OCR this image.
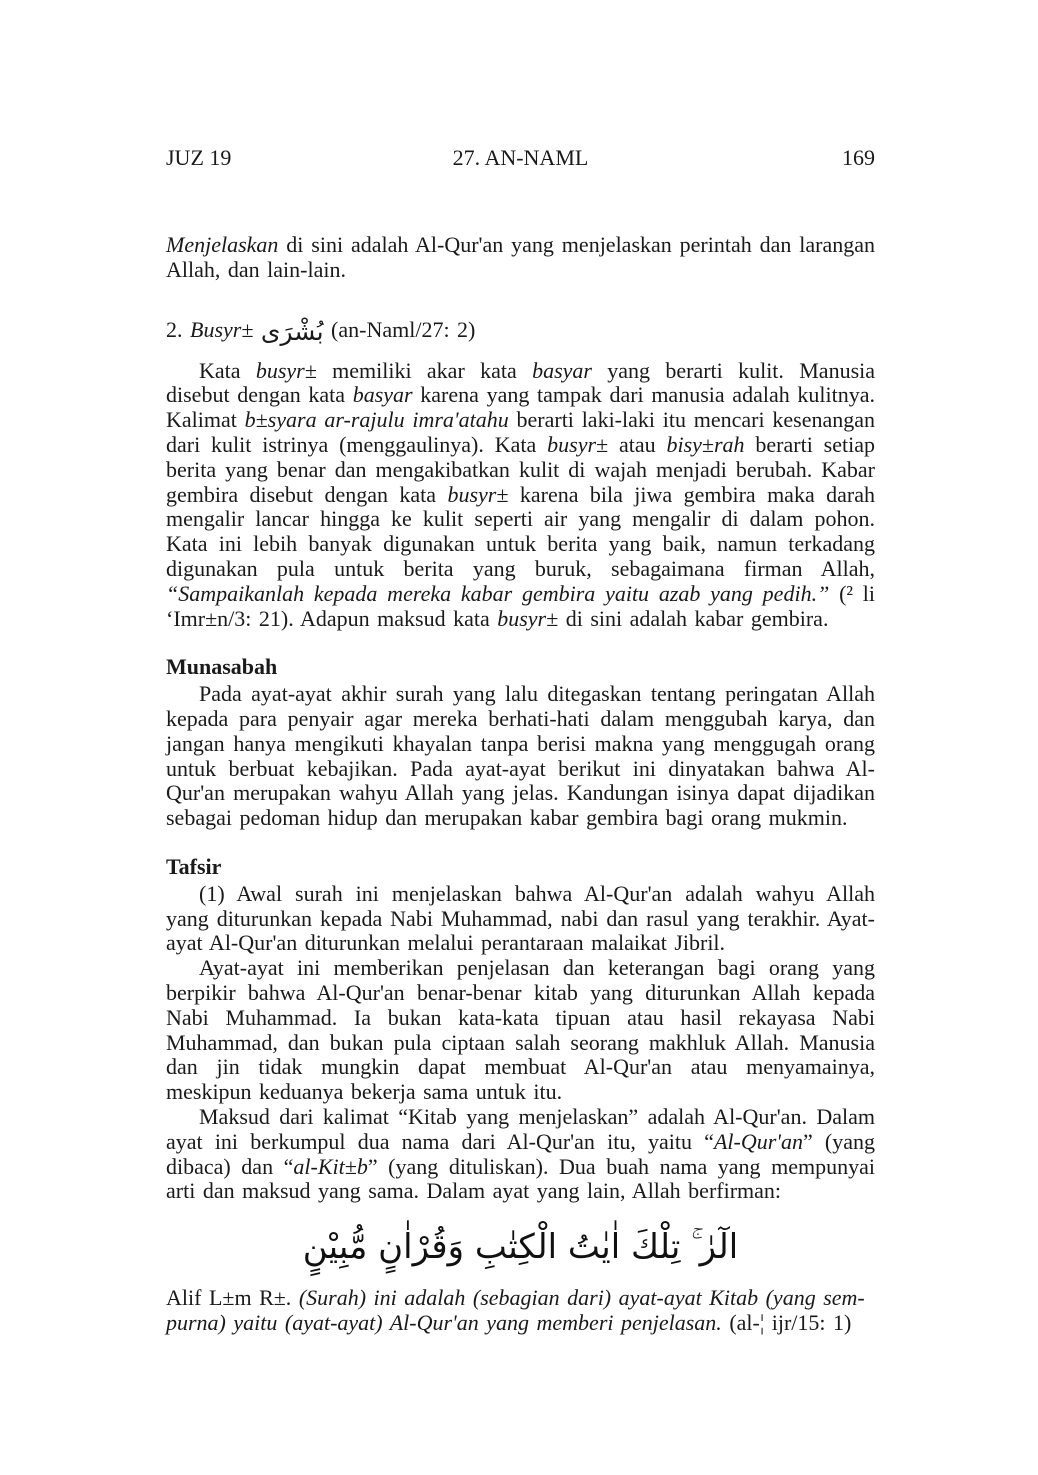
JUZ 19	27. AN-NAML	169

Menjelaskan di sini adalah Al-Qur'an yang menjelaskan perintah dan larangan Allah, dan lain-lain.

2. Busyr± بُشْرَى (an-Naml/27: 2)

Kata busyr± memiliki akar kata basyar yang berarti kulit. Manusia disebut dengan kata basyar karena yang tampak dari manusia adalah kulitnya. Kalimat b±syara ar-rajulu imra'atahu berarti laki-laki itu mencari kesenangan dari kulit istrinya (menggaulinya). Kata busyr± atau bisy±rah berarti setiap berita yang benar dan mengakibatkan kulit di wajah menjadi berubah. Kabar gembira disebut dengan kata busyr± karena bila jiwa gembira maka darah mengalir lancar hingga ke kulit seperti air yang mengalir di dalam pohon. Kata ini lebih banyak digunakan untuk berita yang baik, namun terkadang digunakan pula untuk berita yang buruk, sebagaimana firman Allah, “Sampaikanlah kepada mereka kabar gembira yaitu azab yang pedih.” (² li ‘Imr±n/3: 21). Adapun maksud kata busyr± di sini adalah kabar gembira.

Munasabah

Pada ayat-ayat akhir surah yang lalu ditegaskan tentang peringatan Allah kepada para penyair agar mereka berhati-hati dalam menggubah karya, dan jangan hanya mengikuti khayalan tanpa berisi makna yang menggugah orang untuk berbuat kebajikan. Pada ayat-ayat berikut ini dinyatakan bahwa Al-Qur'an merupakan wahyu Allah yang jelas. Kandungan isinya dapat dijadikan sebagai pedoman hidup dan merupakan kabar gembira bagi orang mukmin.

Tafsir

(1) Awal surah ini menjelaskan bahwa Al-Qur'an adalah wahyu Allah yang diturunkan kepada Nabi Muhammad, nabi dan rasul yang terakhir. Ayat-ayat Al-Qur'an diturunkan melalui perantaraan malaikat Jibril.

Ayat-ayat ini memberikan penjelasan dan keterangan bagi orang yang berpikir bahwa Al-Qur'an benar-benar kitab yang diturunkan Allah kepada Nabi Muhammad. Ia bukan kata-kata tipuan atau hasil rekayasa Nabi Muhammad, dan bukan pula ciptaan salah seorang makhluk Allah. Manusia dan jin tidak mungkin dapat membuat Al-Qur'an atau menyamainya, meskipun keduanya bekerja sama untuk itu.

Maksud dari kalimat “Kitab yang menjelaskan” adalah Al-Qur'an. Dalam ayat ini berkumpul dua nama dari Al-Qur'an itu, yaitu “Al-Qur'an” (yang dibaca) dan “al-Kit±b” (yang dituliskan). Dua buah nama yang mempunyai arti dan maksud yang sama. Dalam ayat yang lain, Allah berfirman:

الٓرٰ ۚ تِلْكَ اٰيٰتُ الْكِتٰبِ وَقُرْاٰنٍ مُّبِيْنٍ

Alif L±m R±. (Surah) ini adalah (sebagian dari) ayat-ayat Kitab (yang sem-
purna) yaitu (ayat-ayat) Al-Qur'an yang memberi penjelasan. (al-¦ ijr/15: 1)
